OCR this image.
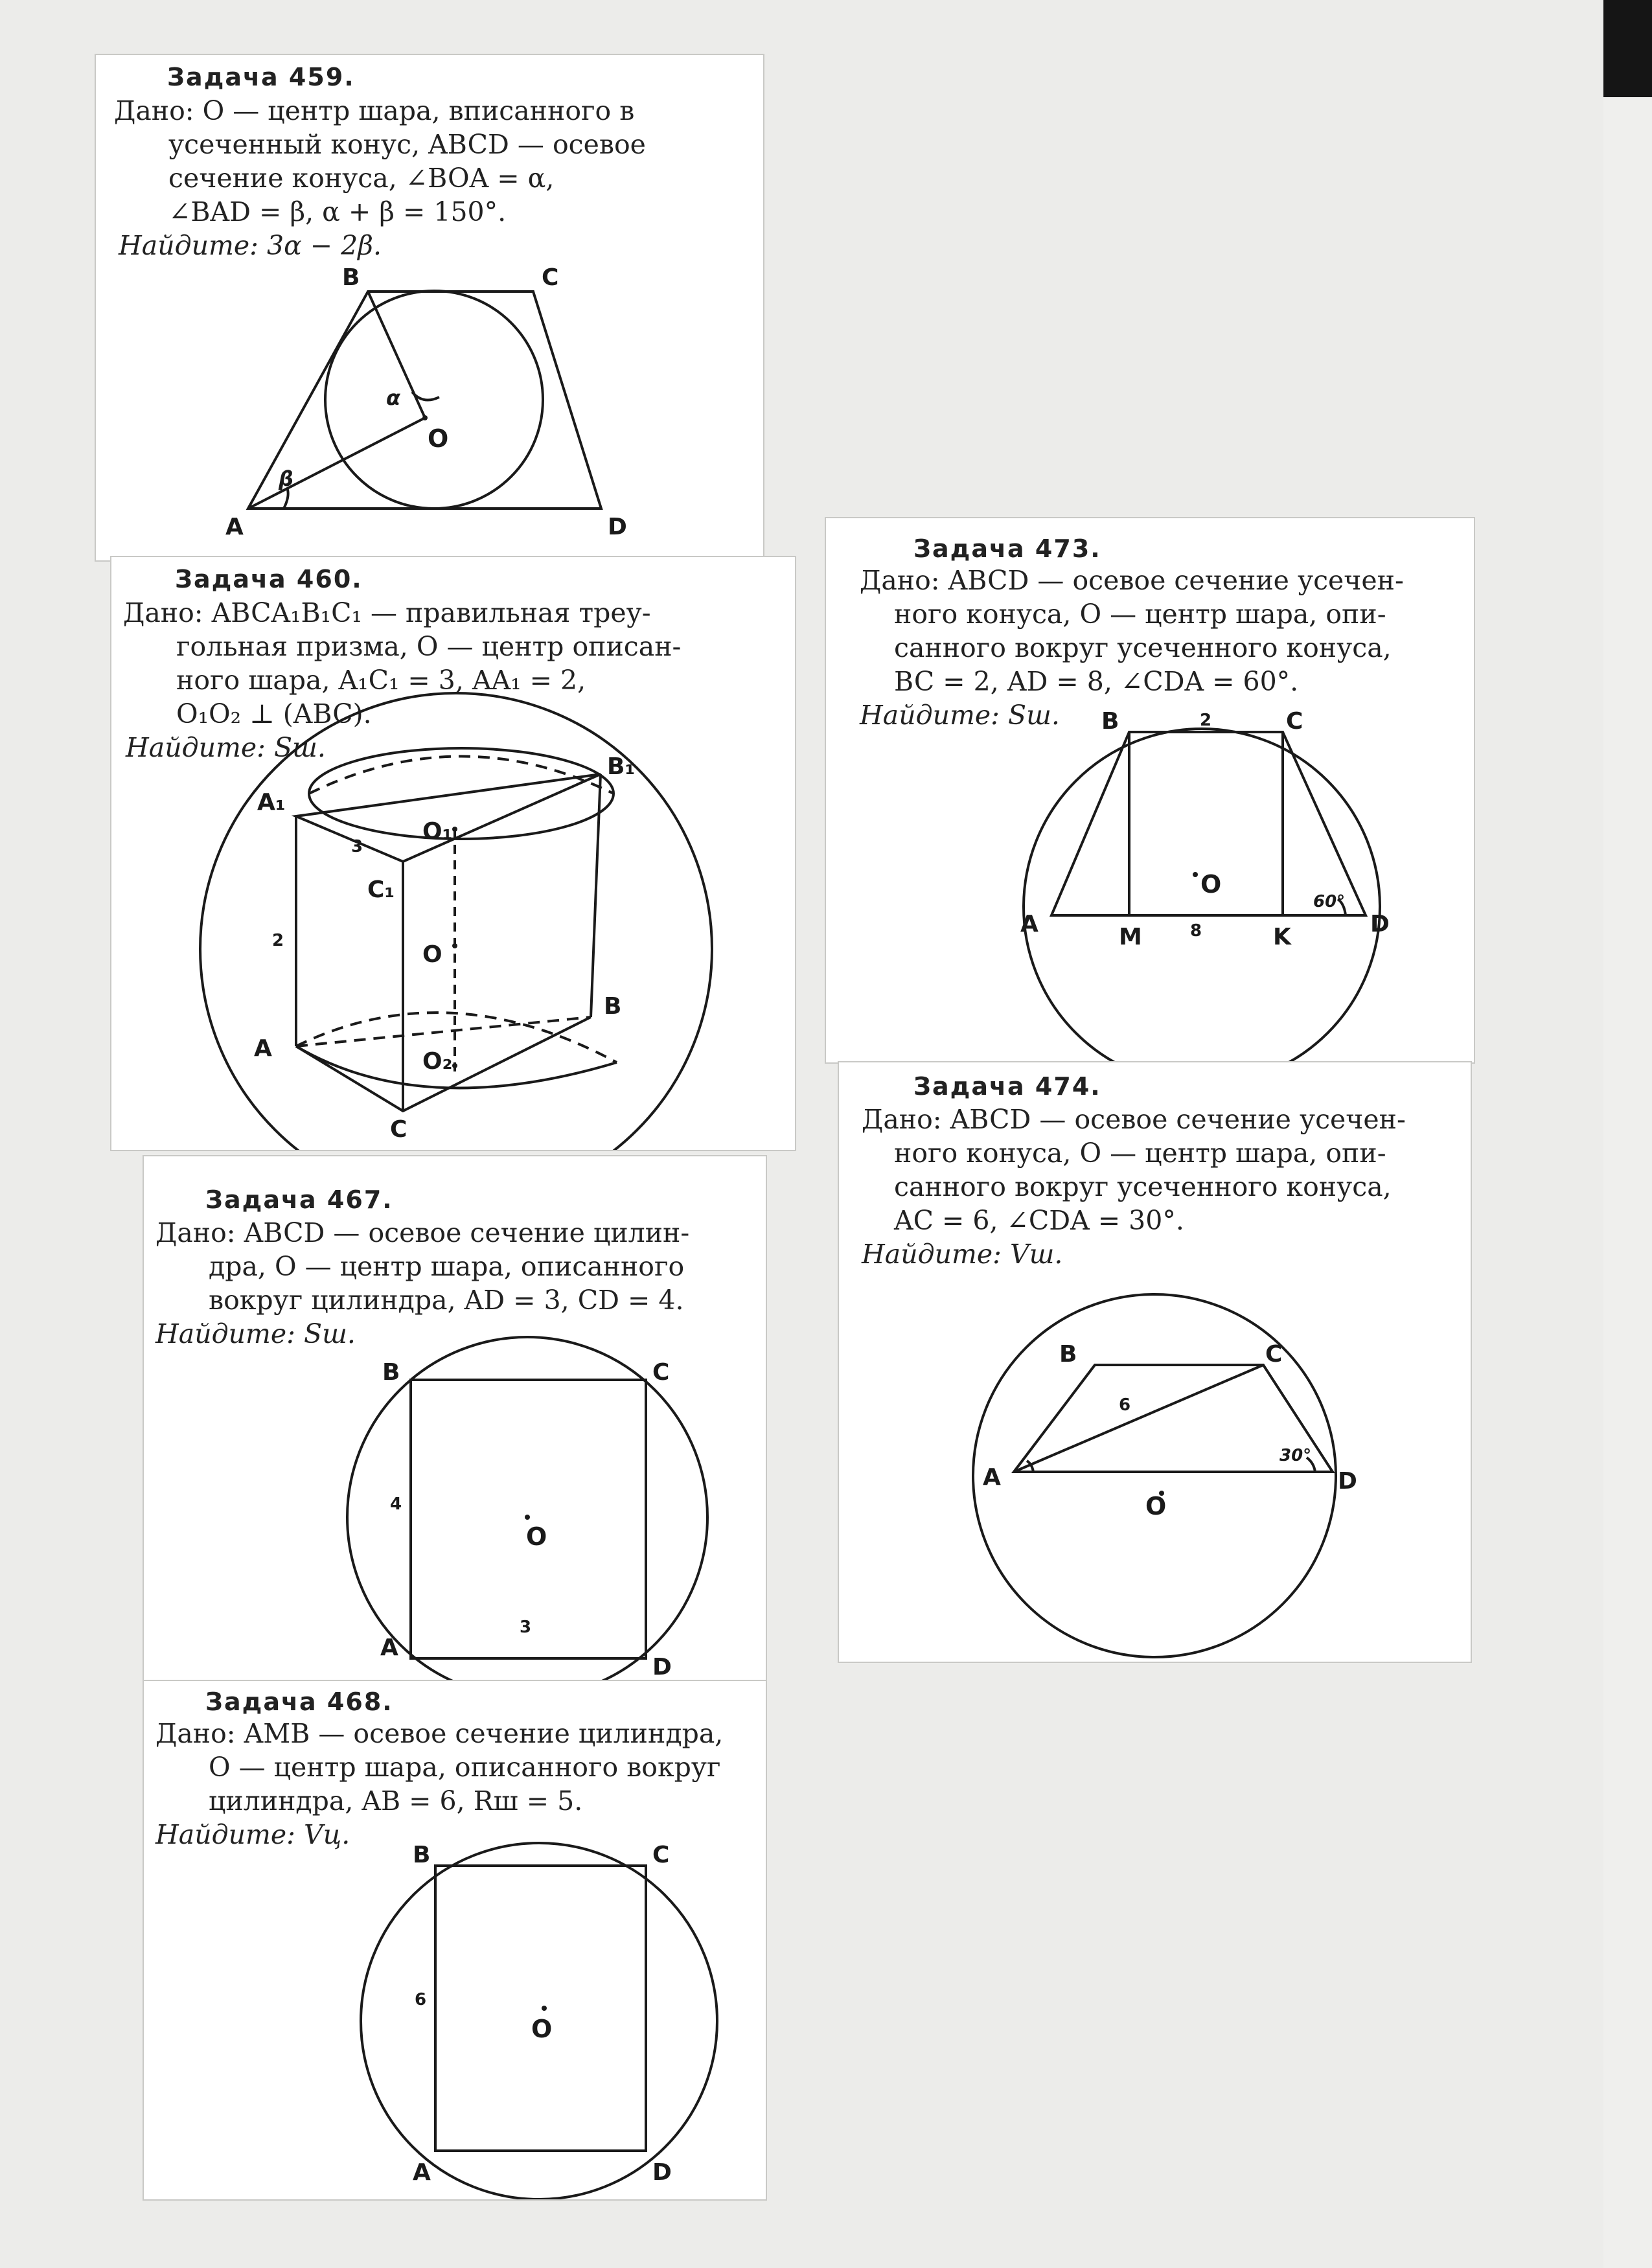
Задача 459.
Дано: O — центр шара, вписанного в
усеченный конус, ABCD — осевое
сечение конуса, ∠BOA = α,
∠BAD = β, α + β = 150°.
Найдите: 3α − 2β.
A
B	C
D
O
α
β
Задача 460.
Дано: ABCA₁B₁C₁ — правильная треу-
гольная призма, O — центр описан-
ного шара, A₁C₁ = 3, AA₁ = 2,
O₁O₂ ⊥ (ABC).
Найдите: Sш.
A₁
B₁
C₁
O₁
O
O₂
A
B
C
3
2
Задача 467.
Дано: ABCD — осевое сечение цилин-
дра, O — центр шара, описанного
вокруг цилиндра, AD = 3, CD = 4.
Найдите: Sш.
A
B	C
D
O
4
3
Задача 468.
Дано: AMB — осевое сечение цилиндра,
O — центр шара, описанного вокруг
цилиндра, AB = 6, Rш = 5.
Найдите: Vц.
A
B	C
D
O
6
Задача 473.
Дано: ABCD — осевое сечение усечен-
ного конуса, O — центр шара, опи-
санного вокруг усеченного конуса,
BC = 2, AD = 8, ∠CDA = 60°.
Найдите: Sш.
A
B	C
D
O
M	K
2
8
60°
Задача 474.
Дано: ABCD — осевое сечение усечен-
ного конуса, O — центр шара, опи-
санного вокруг усеченного конуса,
AC = 6, ∠CDA = 30°.
Найдите: Vш.
A
B	C
D
O
6
30°
